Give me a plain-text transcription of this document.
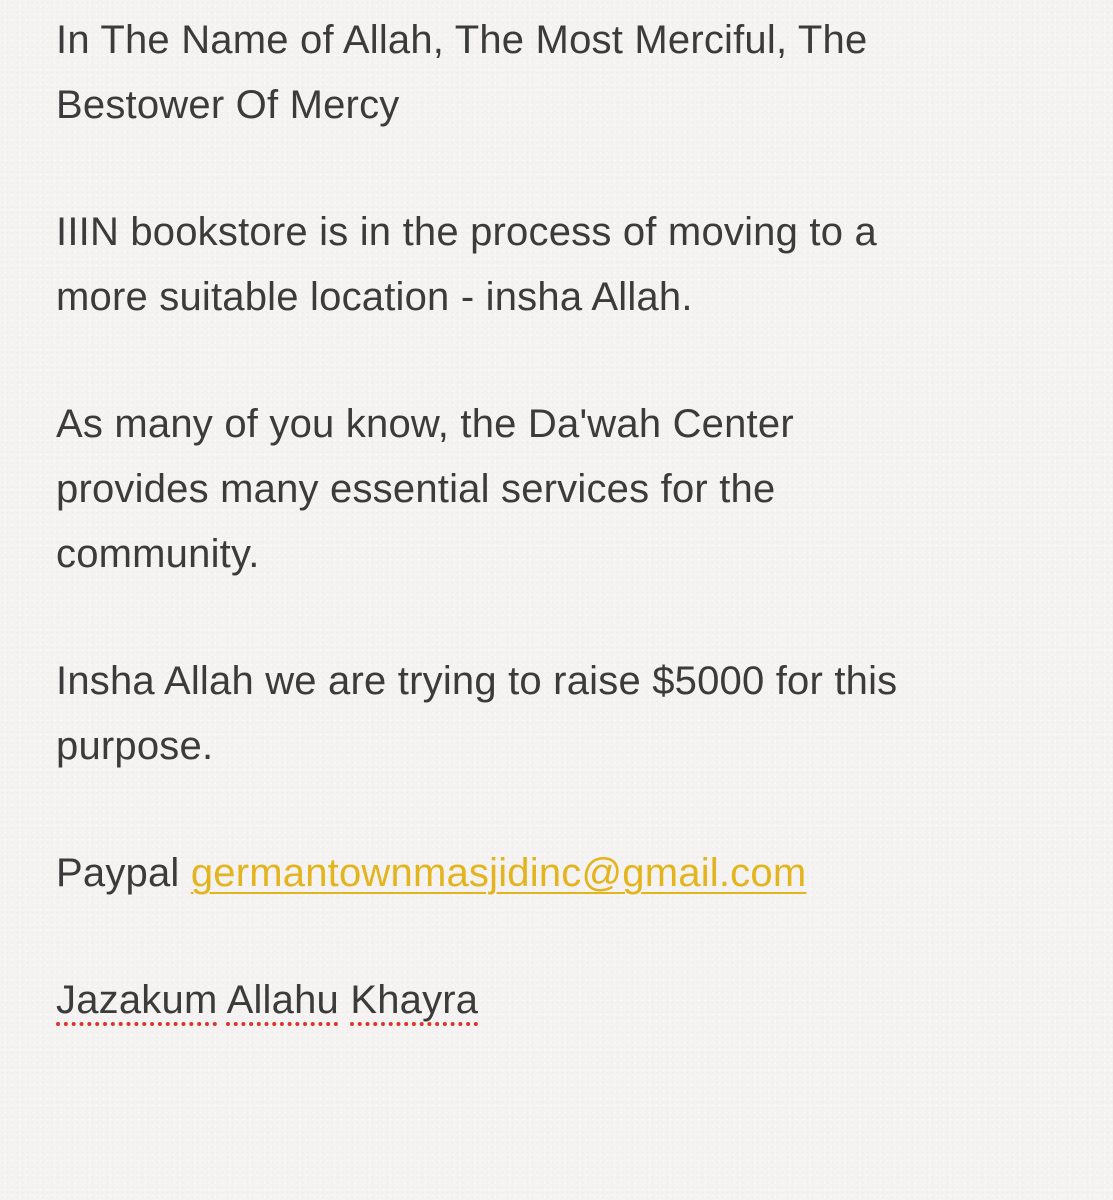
In The Name of Allah, The Most Merciful, The
Bestower Of Mercy

IIIN bookstore is in the process of moving to a
more suitable location - insha Allah.

As many of you know, the Da'wah Center
provides many essential services for the
community.

Insha Allah we are trying to raise $5000 for this
purpose.

Paypal germantownmasjidinc@gmail.com

Jazakum Allahu Khayra
